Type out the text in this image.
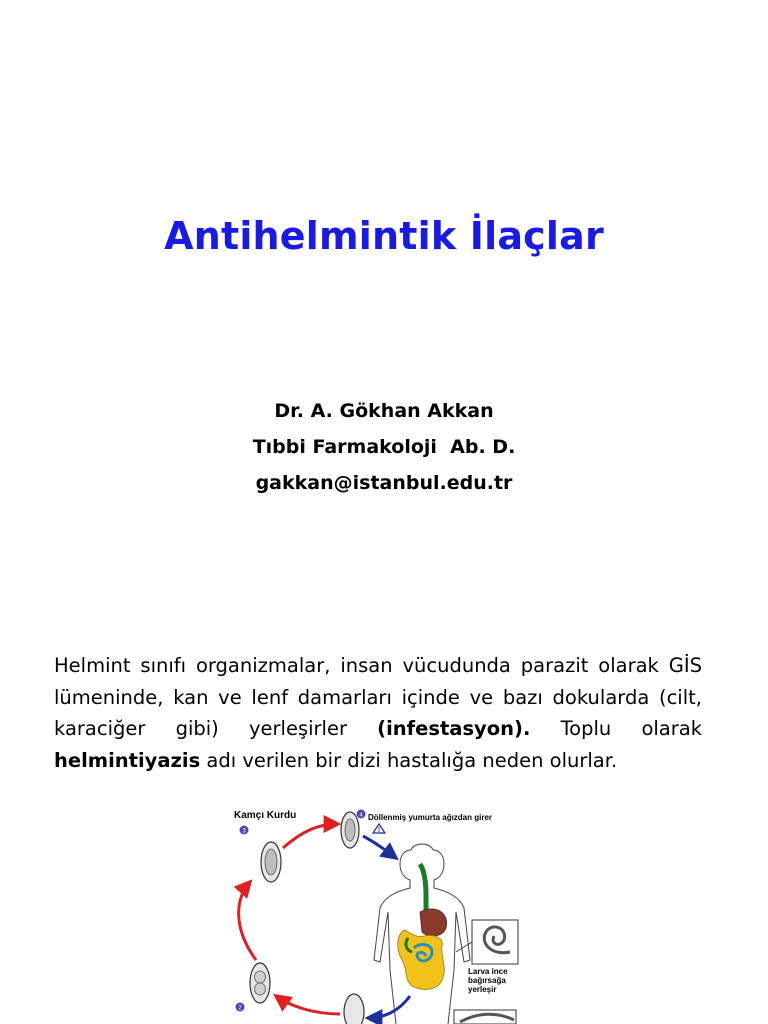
Antihelmintik İlaçlar
Dr. A. Gökhan Akkan
Tıbbi Farmakoloji  Ab. D.
gakkan@istanbul.edu.tr
Helmint sınıfı organizmalar, insan vücudunda parazit olarak GİS lümeninde, kan ve lenf damarları içinde ve bazı dokularda (cilt, karaciğer gibi) yerleşirler (infestasyon). Toplu olarak helmintiyazis adı verilen bir dizi hastalığa neden olurlar.
Kamçı Kurdu	Döllenmiş yumurta ağızdan girer
4
3
2
!
Larva ince
bağırsağa
yerleşir
